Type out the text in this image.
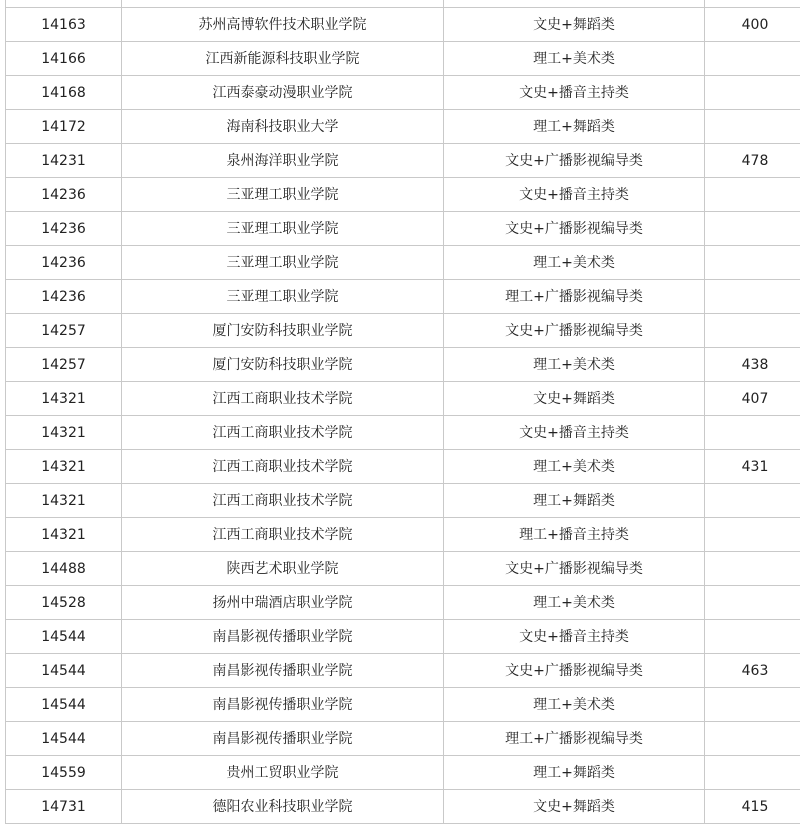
14163	苏州高博软件技术职业学院	文史+舞蹈类	400
14166	江西新能源科技职业学院	理工+美术类	
14168	江西泰豪动漫职业学院	文史+播音主持类	
14172	海南科技职业大学	理工+舞蹈类	
14231	泉州海洋职业学院	文史+广播影视编导类	478
14236	三亚理工职业学院	文史+播音主持类	
14236	三亚理工职业学院	文史+广播影视编导类	
14236	三亚理工职业学院	理工+美术类	
14236	三亚理工职业学院	理工+广播影视编导类	
14257	厦门安防科技职业学院	文史+广播影视编导类	
14257	厦门安防科技职业学院	理工+美术类	438
14321	江西工商职业技术学院	文史+舞蹈类	407
14321	江西工商职业技术学院	文史+播音主持类	
14321	江西工商职业技术学院	理工+美术类	431
14321	江西工商职业技术学院	理工+舞蹈类	
14321	江西工商职业技术学院	理工+播音主持类	
14488	陕西艺术职业学院	文史+广播影视编导类	
14528	扬州中瑞酒店职业学院	理工+美术类	
14544	南昌影视传播职业学院	文史+播音主持类	
14544	南昌影视传播职业学院	文史+广播影视编导类	463
14544	南昌影视传播职业学院	理工+美术类	
14544	南昌影视传播职业学院	理工+广播影视编导类	
14559	贵州工贸职业学院	理工+舞蹈类	
14731	德阳农业科技职业学院	文史+舞蹈类	415
